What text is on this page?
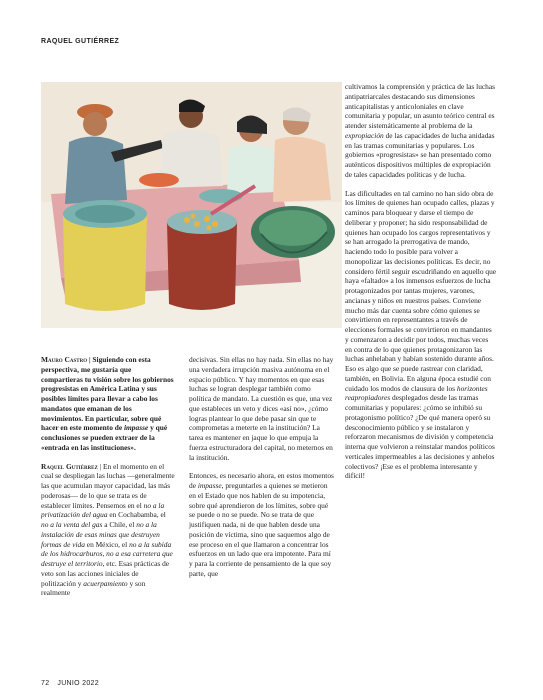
RAQUEL GUTIÉRREZ

Mauro Castro | Siguiendo con esta perspectiva, me gustaría que compartieras tu visión sobre los gobiernos progresistas en América Latina y sus posibles límites para llevar a cabo los mandatos que emanan de los movimientos. En particular, sobre qué hacer en este momento de impasse y qué conclusiones se pueden extraer de la «entrada en las instituciones».

Raquel Gutiérrez | En el momento en el cual se despliegan las luchas —generalmente las que acumulan mayor capacidad, las más poderosas— de lo que se trata es de establecer límites. Pensemos en el no a la privatización del agua en Cochabamba, el no a la venta del gas a Chile, el no a la instalación de esas minas que destruyen formas de vida en México, el no a la subida de los hidrocarburos, no a esa carretera que destruye el territorio, etc. Esas prácticas de veto son las acciones iniciales de politización y acuerpamiento y son realmente

decisivas. Sin ellas no hay nada. Sin ellas no hay una verdadera irrupción masiva autónoma en el espacio público. Y hay momentos en que esas luchas se logran desplegar también como política de mandato. La cuestión es que, una vez que estableces un veto y dices «así no», ¿cómo logras plantear lo que debe pasar sin que te comprometas a meterte en la institución? La tarea es mantener en jaque lo que empuja la fuerza estructuradora del capital, no meternos en la institución.

Entonces, es necesario ahora, en estos momentos de impasse, preguntarles a quienes se metieron en el Estado que nos hablen de su impotencia, sobre qué aprendieron de los límites, sobre qué se puede o no se puede. No se trata de que justifiquen nada, ni de que hablen desde una posición de víctima, sino que saquemos algo de ese proceso en el que llamaron a concentrar los esfuerzos en un lado que era impotente. Para mí y para la corriente de pensamiento de la que soy parte, que

cultivamos la comprensión y práctica de las luchas antipatriarcales destacando sus dimensiones anticapitalistas y anticoloniales en clave comunitaria y popular, un asunto teórico central es atender sistemáticamente al problema de la expropiación de las capacidades de lucha anidadas en las tramas comunitarias y populares. Los gobiernos «progresistas» se han presentado como auténticos dispositivos múltiples de expropiación de tales capacidades políticas y de lucha.

Las dificultades en tal camino no han sido obra de los límites de quienes han ocupado calles, plazas y caminos para bloquear y darse el tiempo de deliberar y proponer; ha sido responsabilidad de quienes han ocupado los cargos representativos y se han arrogado la prerrogativa de mando, haciendo todo lo posible para volver a monopolizar las decisiones políticas. Es decir, no considero fértil seguir escudriñando en aquello que haya «faltado» a los inmensos esfuerzos de lucha protagonizados por tantas mujeres, varones, ancianas y niños en nuestros países. Conviene mucho más dar cuenta sobre cómo quienes se convirtieron en representantes a través de elecciones formales se convirtieron en mandantes y comenzaron a decidir por todos, muchas veces en contra de lo que quienes protagonizaron las luchas anhelaban y habían sostenido durante años. Eso es algo que se puede rastrear con claridad, también, en Bolivia. En alguna época estudié con cuidado los modos de clausura de los horizontes reapropiadores desplegados desde las tramas comunitarias y populares: ¿cómo se inhibió su protagonismo político? ¿De qué manera operó su desconocimiento público y se instalaron y reforzaron mecanismos de división y competencia interna que volvieron a reinstalar mandos políticos verticales impermeables a las decisiones y anhelos colectivos? ¡Ese es el problema interesante y difícil!

72 JUNIO 2022
